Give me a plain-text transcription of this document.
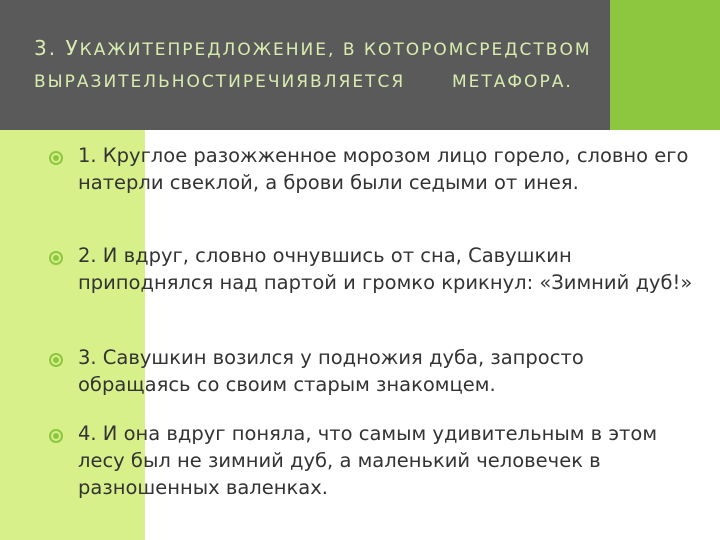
3. УКАЖИТЕПРЕДЛОЖЕНИЕ, В КОТОРОМСРЕДСТВОМ
ВЫРАЗИТЕЛЬНОСТИРЕЧИЯВЛЯЕТСЯ	МЕТАФОРА.
1. Круглое разожженное морозом лицо горело, словно его натерли свеклой, а брови были седыми от инея.
2. И вдруг, словно очнувшись от сна, Савушкин приподнялся над партой и громко крикнул: «Зимний дуб!»
3. Савушкин возился у подножия дуба, запросто обращаясь со своим старым знакомцем.
4. И она вдруг поняла, что самым удивительным в этом лесу был не зимний дуб, а маленький человечек в разношенных валенках.
